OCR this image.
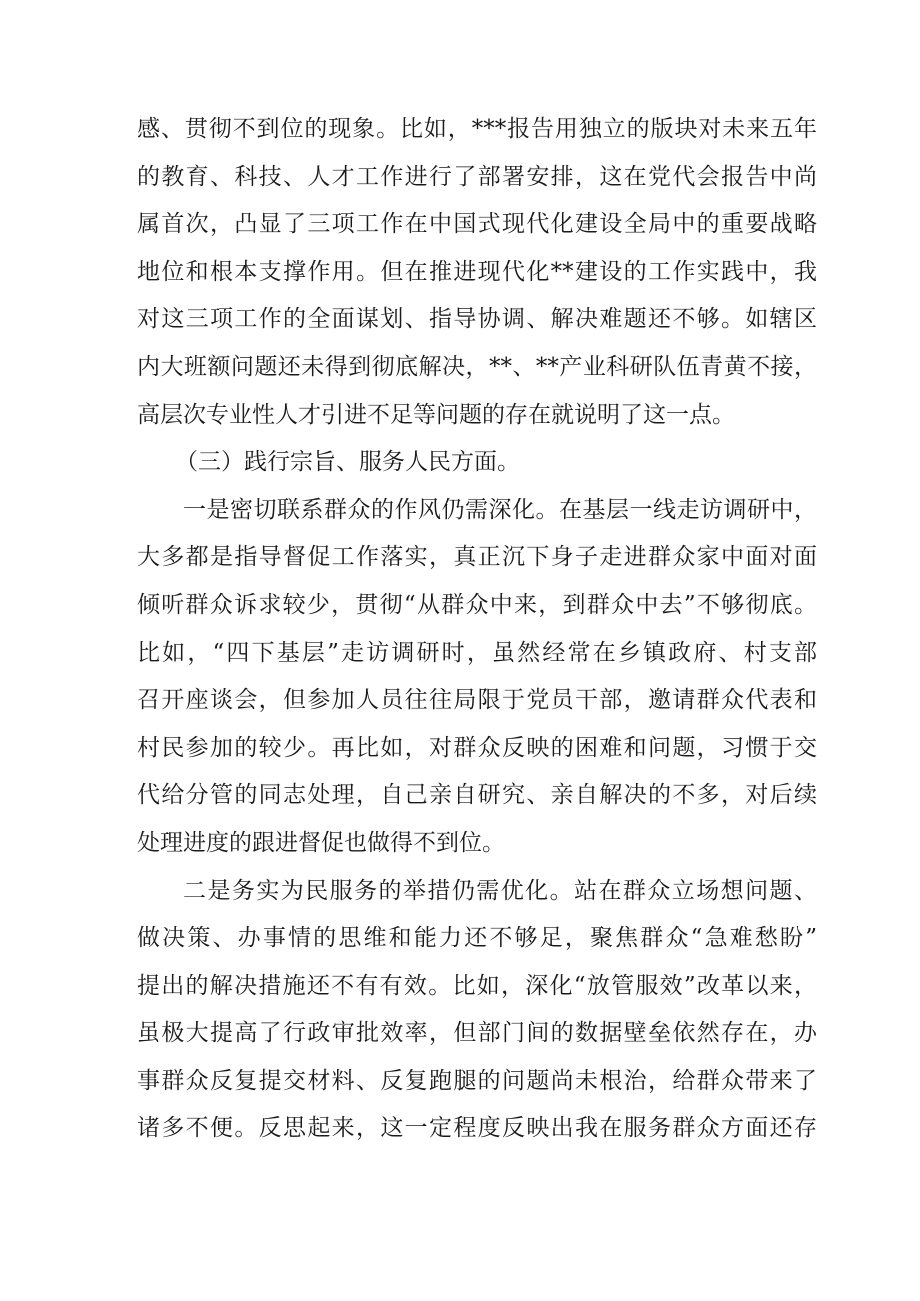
感、贯彻不到位的现象。比如，***报告用独立的版块对未来五年
的教育、科技、人才工作进行了部署安排，这在党代会报告中尚
属首次，凸显了三项工作在中国式现代化建设全局中的重要战略
地位和根本支撑作用。但在推进现代化**建设的工作实践中，我
对这三项工作的全面谋划、指导协调、解决难题还不够。如辖区
内大班额问题还未得到彻底解决，**、**产业科研队伍青黄不接，
高层次专业性人才引进不足等问题的存在就说明了这一点。
（三）践行宗旨、服务人民方面。
一是密切联系群众的作风仍需深化。在基层一线走访调研中，
大多都是指导督促工作落实，真正沉下身子走进群众家中面对面
倾听群众诉求较少，贯彻“从群众中来，到群众中去”不够彻底。
比如，“四下基层”走访调研时，虽然经常在乡镇政府、村支部
召开座谈会，但参加人员往往局限于党员干部，邀请群众代表和
村民参加的较少。再比如，对群众反映的困难和问题，习惯于交
代给分管的同志处理，自己亲自研究、亲自解决的不多，对后续
处理进度的跟进督促也做得不到位。
二是务实为民服务的举措仍需优化。站在群众立场想问题、
做决策、办事情的思维和能力还不够足，聚焦群众“急难愁盼”
提出的解决措施还不有有效。比如，深化“放管服效”改革以来，
虽极大提高了行政审批效率，但部门间的数据壁垒依然存在，办
事群众反复提交材料、反复跑腿的问题尚未根治，给群众带来了
诸多不便。反思起来，这一定程度反映出我在服务群众方面还存
